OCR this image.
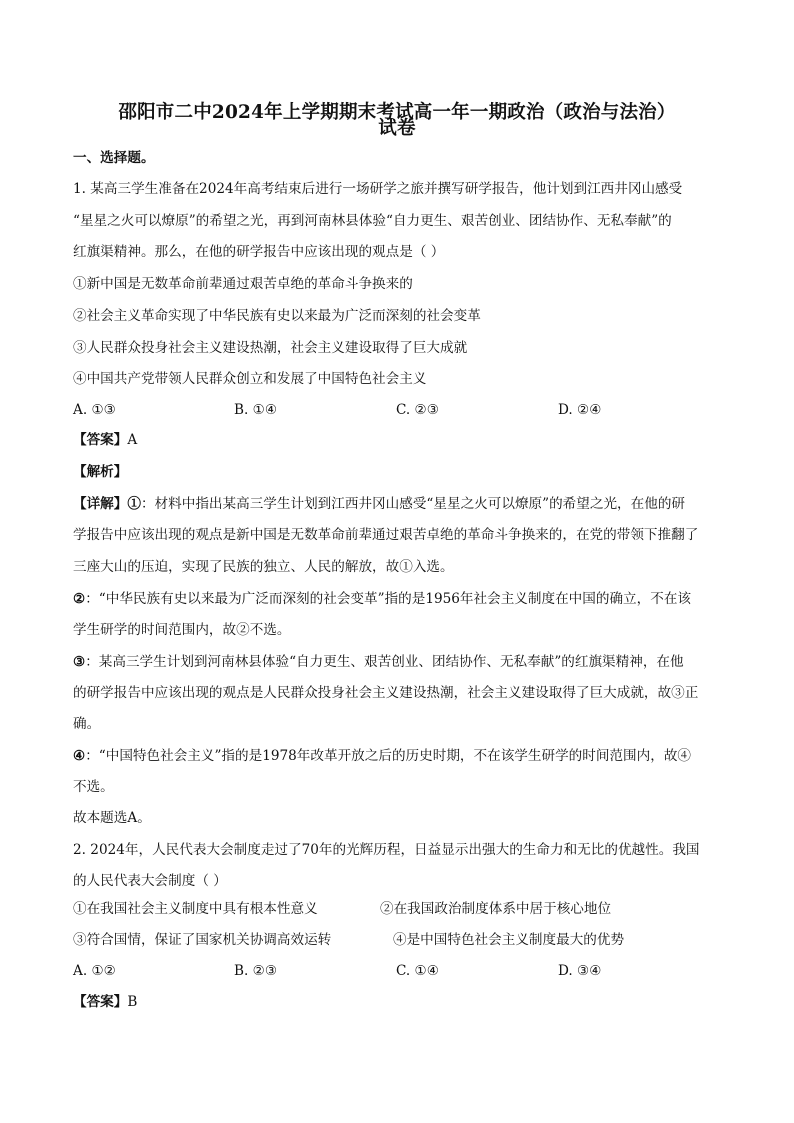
邵阳市二中2024年上学期期末考试高一年一期政治（政治与法治）
试卷
一、选择题。
1. 某高三学生准备在2024年高考结束后进行一场研学之旅并撰写研学报告，他计划到江西井冈山感受
“星星之火可以燎原”的希望之光，再到河南林县体验“自力更生、艰苦创业、团结协作、无私奉献”的
红旗渠精神。那么，在他的研学报告中应该出现的观点是（ ）
①新中国是无数革命前辈通过艰苦卓绝的革命斗争换来的
②社会主义革命实现了中华民族有史以来最为广泛而深刻的社会变革
③人民群众投身社会主义建设热潮，社会主义建设取得了巨大成就
④中国共产党带领人民群众创立和发展了中国特色社会主义
A. ①③	B. ①④	C. ②③	D. ②④
【答案】A
【解析】
【详解】①：材料中指出某高三学生计划到江西井冈山感受“星星之火可以燎原”的希望之光，在他的研
学报告中应该出现的观点是新中国是无数革命前辈通过艰苦卓绝的革命斗争换来的，在党的带领下推翻了
三座大山的压迫，实现了民族的独立、人民的解放，故①入选。
②：“中华民族有史以来最为广泛而深刻的社会变革”指的是1956年社会主义制度在中国的确立，不在该
学生研学的时间范围内，故②不选。
③：某高三学生计划到河南林县体验“自力更生、艰苦创业、团结协作、无私奉献”的红旗渠精神，在他
的研学报告中应该出现的观点是人民群众投身社会主义建设热潮，社会主义建设取得了巨大成就，故③正
确。
④：“中国特色社会主义”指的是1978年改革开放之后的历史时期，不在该学生研学的时间范围内，故④
不选。
故本题选A。
2. 2024年，人民代表大会制度走过了70年的光辉历程，日益显示出强大的生命力和无比的优越性。我国
的人民代表大会制度（ ）
①在我国社会主义制度中具有根本性意义	②在我国政治制度体系中居于核心地位
③符合国情，保证了国家机关协调高效运转	④是中国特色社会主义制度最大的优势
A. ①②	B. ②③	C. ①④	D. ③④
【答案】B
